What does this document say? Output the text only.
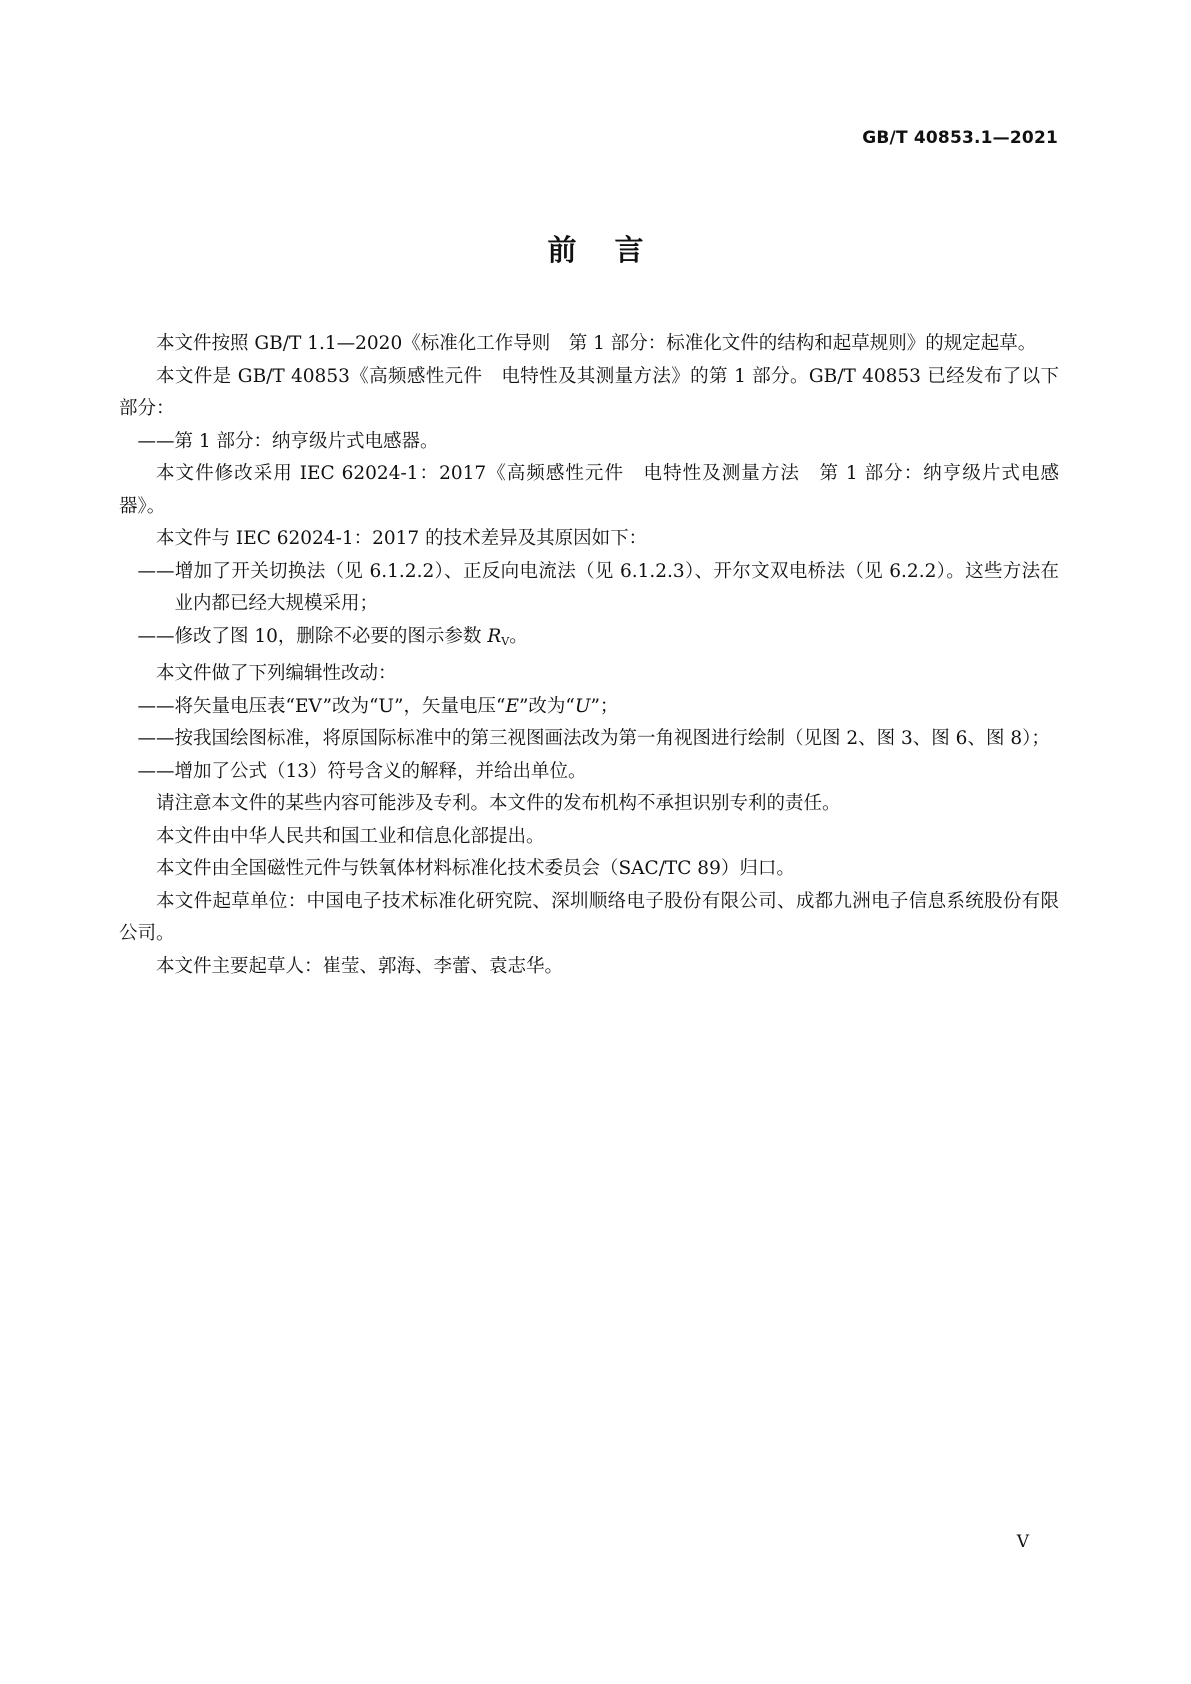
GB/T 40853.1—2021
前言

本文件按照 GB/T 1.1—2020《标准化工作导则　第 1 部分：标准化文件的结构和起草规则》的规定起草。

本文件是 GB/T 40853《高频感性元件　电特性及其测量方法》的第 1 部分。GB/T 40853 已经发布了以下部分：

——第 1 部分：纳亨级片式电感器。

本文件修改采用 IEC 62024-1：2017《高频感性元件　电特性及测量方法　第 1 部分：纳亨级片式电感器》。

本文件与 IEC 62024-1：2017 的技术差异及其原因如下：

——增加了开关切换法（见 6.1.2.2）、正反向电流法（见 6.1.2.3）、开尔文双电桥法（见 6.2.2）。这些方法在业内都已经大规模采用；

——修改了图 10，删除不必要的图示参数 $R_V$。

本文件做了下列编辑性改动：

——将矢量电压表“EV”改为“U”，矢量电压“E”改为“U”；

——按我国绘图标准，将原国际标准中的第三视图画法改为第一角视图进行绘制（见图 2、图 3、图 6、图 8）；

——增加了公式（13）符号含义的解释，并给出单位。

请注意本文件的某些内容可能涉及专利。本文件的发布机构不承担识别专利的责任。

本文件由中华人民共和国工业和信息化部提出。

本文件由全国磁性元件与铁氧体材料标准化技术委员会（SAC/TC 89）归口。

本文件起草单位：中国电子技术标准化研究院、深圳顺络电子股份有限公司、成都九洲电子信息系统股份有限公司。

本文件主要起草人：崔莹、郭海、李蕾、袁志华。

V
